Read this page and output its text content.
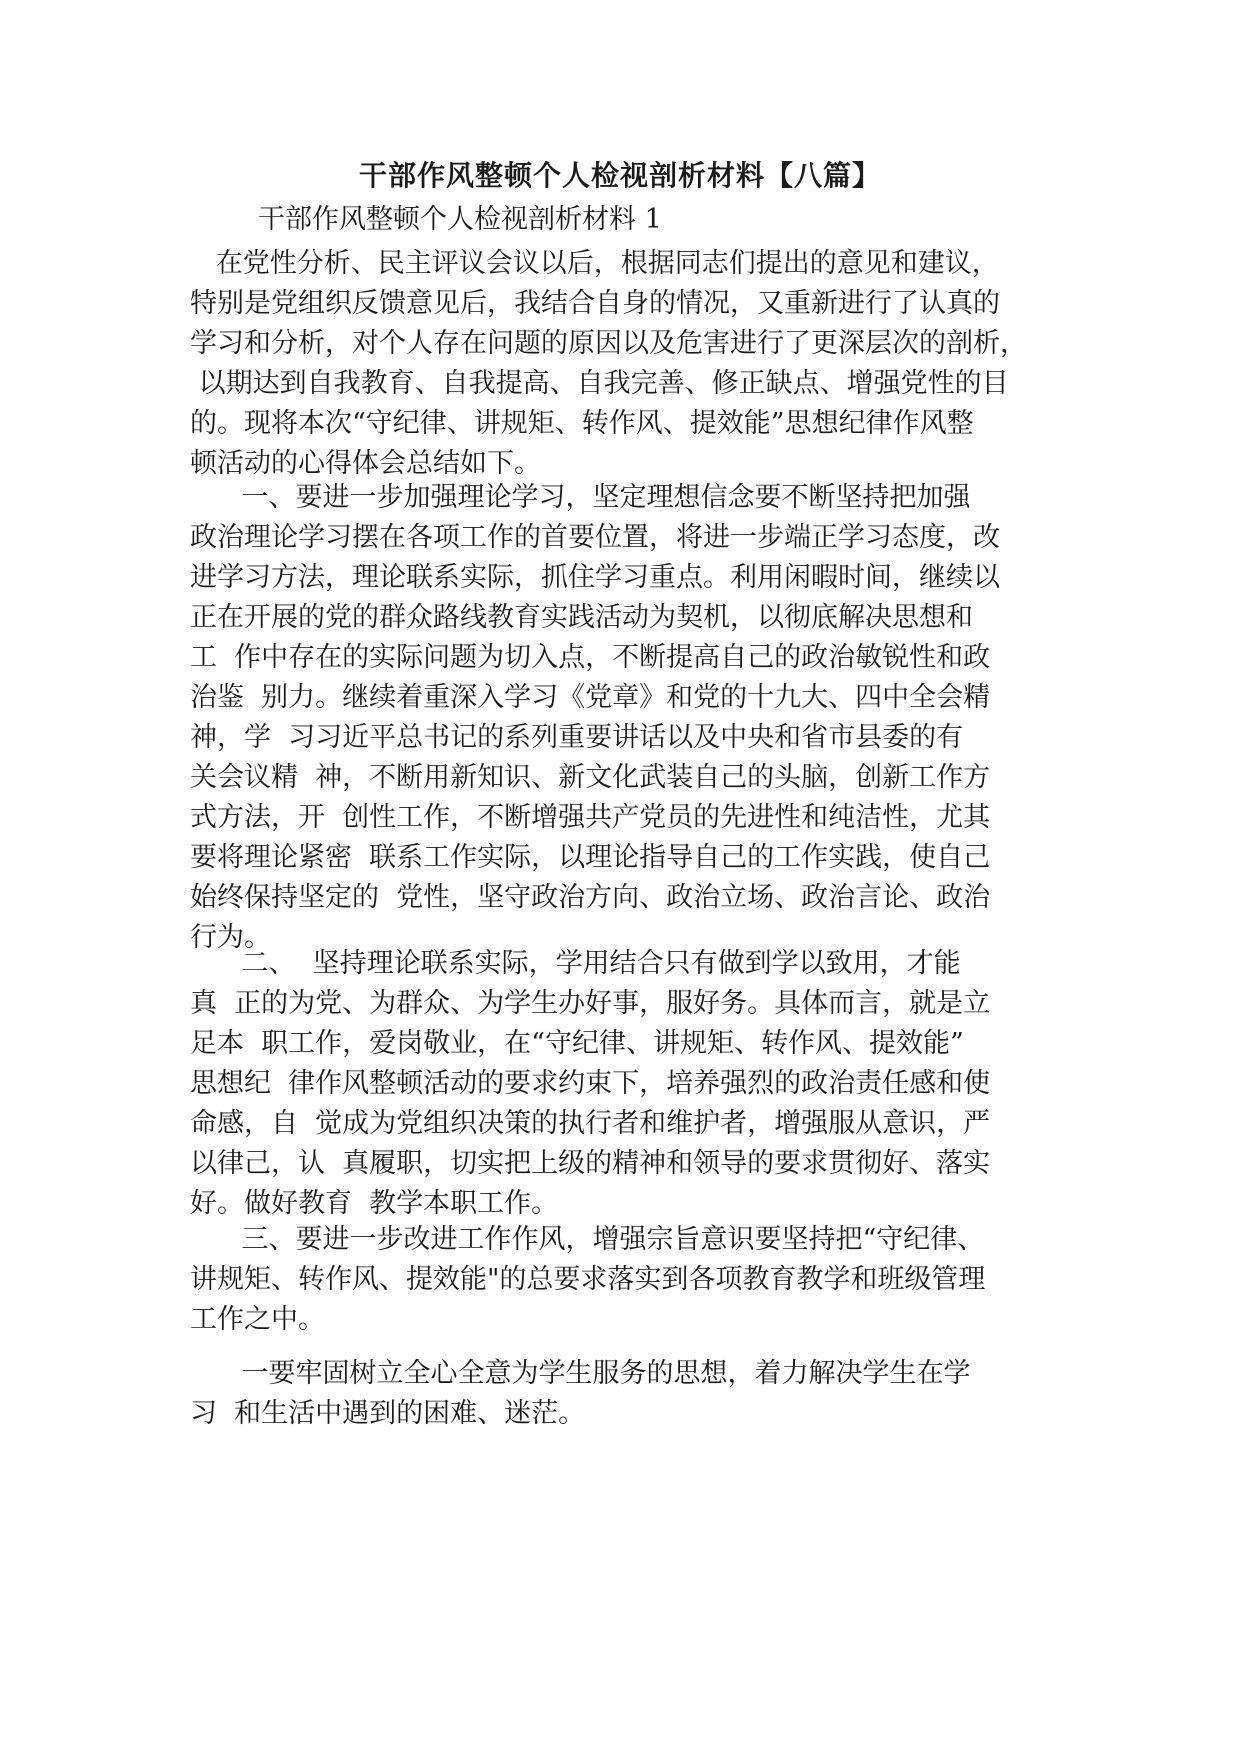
干部作风整顿个人检视剖析材料【八篇】
干部作风整顿个人检视剖析材料 1
在党性分析、民主评议会议以后，根据同志们提出的意见和建议，
特别是党组织反馈意见后，我结合自身的情况，又重新进行了认真的
学习和分析，对个人存在问题的原因以及危害进行了更深层次的剖析，
以期达到自我教育、自我提高、自我完善、修正缺点、增强党性的目
的。现将本次“守纪律、讲规矩、转作风、提效能”思想纪律作风整
顿活动的心得体会总结如下。
一、要进一步加强理论学习，坚定理想信念要不断坚持把加强
政治理论学习摆在各项工作的首要位置，将进一步端正学习态度，改
进学习方法，理论联系实际，抓住学习重点。利用闲暇时间，继续以
正在开展的党的群众路线教育实践活动为契机，以彻底解决思想和
工  作中存在的实际问题为切入点，不断提高自己的政治敏锐性和政
治鉴  别力。继续着重深入学习《党章》和党的十九大、四中全会精
神，学  习习近平总书记的系列重要讲话以及中央和省市县委的有
关会议精  神，不断用新知识、新文化武装自己的头脑，创新工作方
式方法，开  创性工作，不断增强共产党员的先进性和纯洁性，尤其
要将理论紧密  联系工作实际，以理论指导自己的工作实践，使自己
始终保持坚定的  党性，坚守政治方向、政治立场、政治言论、政治
行为。
二、  坚持理论联系实际，学用结合只有做到学以致用，才能
真  正的为党、为群众、为学生办好事，服好务。具体而言，就是立
足本  职工作，爱岗敬业，在“守纪律、讲规矩、转作风、提效能”
思想纪  律作风整顿活动的要求约束下，培养强烈的政治责任感和使
命感，自  觉成为党组织决策的执行者和维护者，增强服从意识，严
以律己，认  真履职，切实把上级的精神和领导的要求贯彻好、落实
好。做好教育  教学本职工作。
三、要进一步改进工作作风，增强宗旨意识要坚持把“守纪律、
讲规矩、转作风、提效能"的总要求落实到各项教育教学和班级管理
工作之中。
一要牢固树立全心全意为学生服务的思想，着力解决学生在学
习  和生活中遇到的困难、迷茫。
